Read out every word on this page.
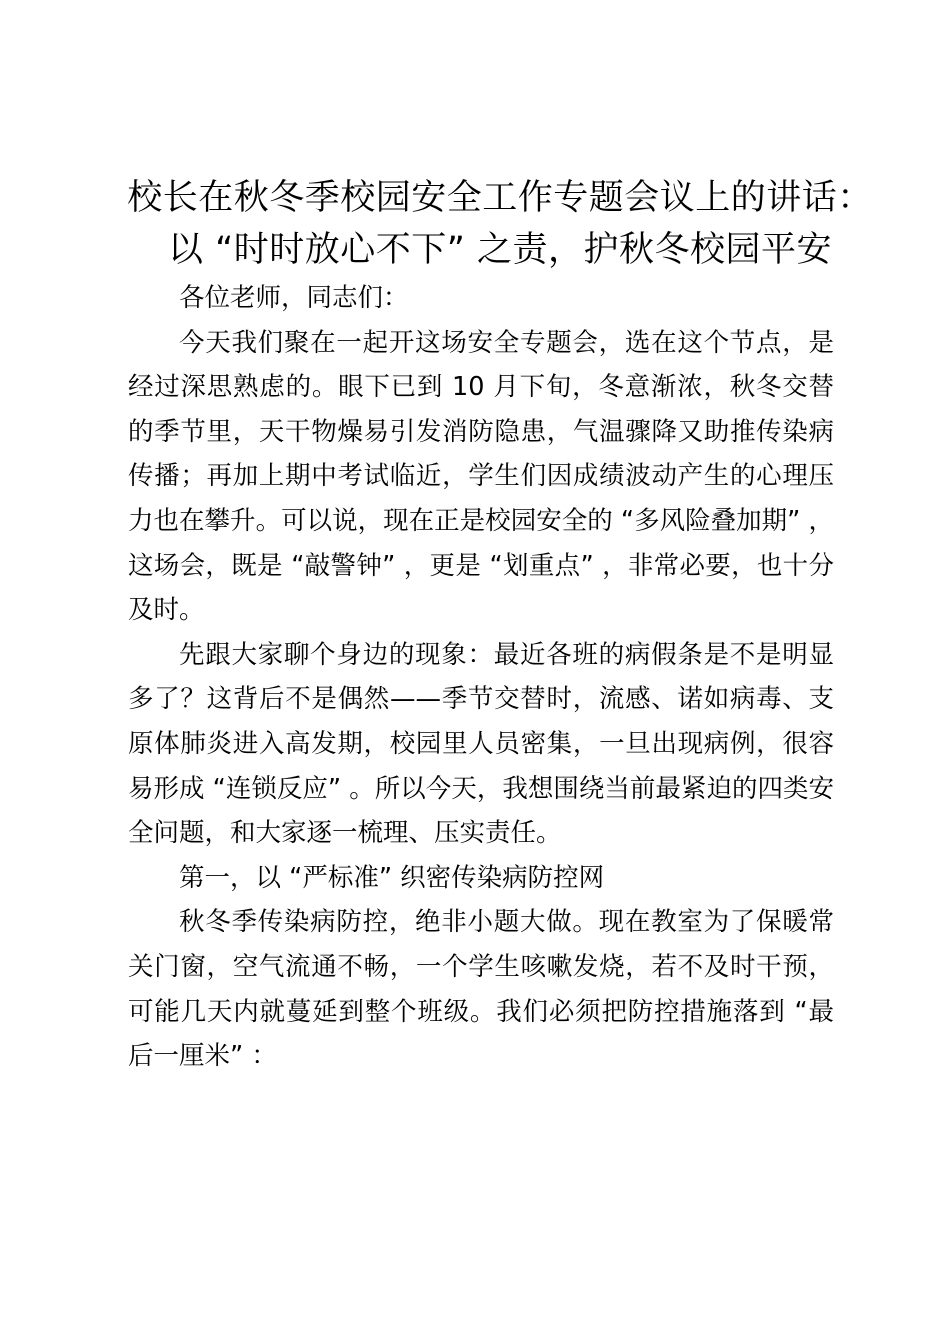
校长在秋冬季校园安全工作专题会议上的讲话：以 “时时放心不下” 之责，护秋冬校园平安

各位老师，同志们：

今天我们聚在一起开这场安全专题会，选在这个节点，是经过深思熟虑的。眼下已到 10 月下旬，冬意渐浓，秋冬交替的季节里，天干物燥易引发消防隐患，气温骤降又助推传染病传播；再加上期中考试临近，学生们因成绩波动产生的心理压力也在攀升。可以说，现在正是校园安全的 “多风险叠加期” ，这场会，既是 “敲警钟” ，更是 “划重点” ，非常必要，也十分及时。

先跟大家聊个身边的现象：最近各班的病假条是不是明显多了？这背后不是偶然——季节交替时，流感、诺如病毒、支原体肺炎进入高发期，校园里人员密集，一旦出现病例，很容易形成 “连锁反应” 。所以今天，我想围绕当前最紧迫的四类安全问题，和大家逐一梳理、压实责任。

第一，以 “严标准” 织密传染病防控网

秋冬季传染病防控，绝非小题大做。现在教室为了保暖常关门窗，空气流通不畅，一个学生咳嗽发烧，若不及时干预，可能几天内就蔓延到整个班级。我们必须把防控措施落到 “最后一厘米” ：
